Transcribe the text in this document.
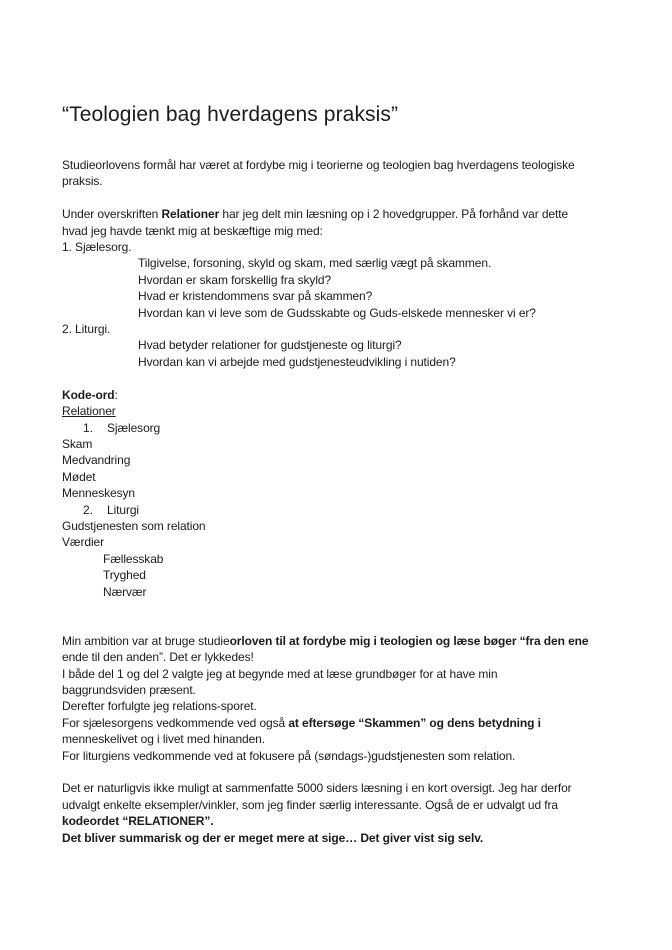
“Teologien bag hverdagens praksis”
Studieorlovens formål har været at fordybe mig i teorierne og teologien bag hverdagens teologiske
praksis.

Under overskriften Relationer har jeg delt min læsning op i 2 hovedgrupper. På forhånd var dette
hvad jeg havde tænkt mig at beskæftige mig med:
1. Sjælesorg.
Tilgivelse, forsoning, skyld og skam, med særlig vægt på skammen.
Hvordan er skam forskellig fra skyld?
Hvad er kristendommens svar på skammen?
Hvordan kan vi leve som de Gudsskabte og Guds-elskede mennesker vi er?
2. Liturgi.
Hvad betyder relationer for gudstjeneste og liturgi?
Hvordan kan vi arbejde med gudstjenesteudvikling i nutiden?

Kode-ord:
Relationer
1. Sjælesorg
Skam
Medvandring
Mødet
Menneskesyn
2. Liturgi
Gudstjenesten som relation
Værdier
Fællesskab
Tryghed
Nærvær

Min ambition var at bruge studieorloven til at fordybe mig i teologien og læse bøger “fra den ene
ende til den anden”. Det er lykkedes!
I både del 1 og del 2 valgte jeg at begynde med at læse grundbøger for at have min
baggrundsviden præsent.
Derefter forfulgte jeg relations-sporet.
For sjælesorgens vedkommende ved også at eftersøge “Skammen” og dens betydning i
menneskelivet og i livet med hinanden.
For liturgiens vedkommende ved at fokusere på (søndags-)gudstjenesten som relation.

Det er naturligvis ikke muligt at sammenfatte 5000 siders læsning i en kort oversigt. Jeg har derfor
udvalgt enkelte eksempler/vinkler, som jeg finder særlig interessante. Også de er udvalgt ud fra
kodeordet “RELATIONER”.
Det bliver summarisk og der er meget mere at sige… Det giver vist sig selv.
